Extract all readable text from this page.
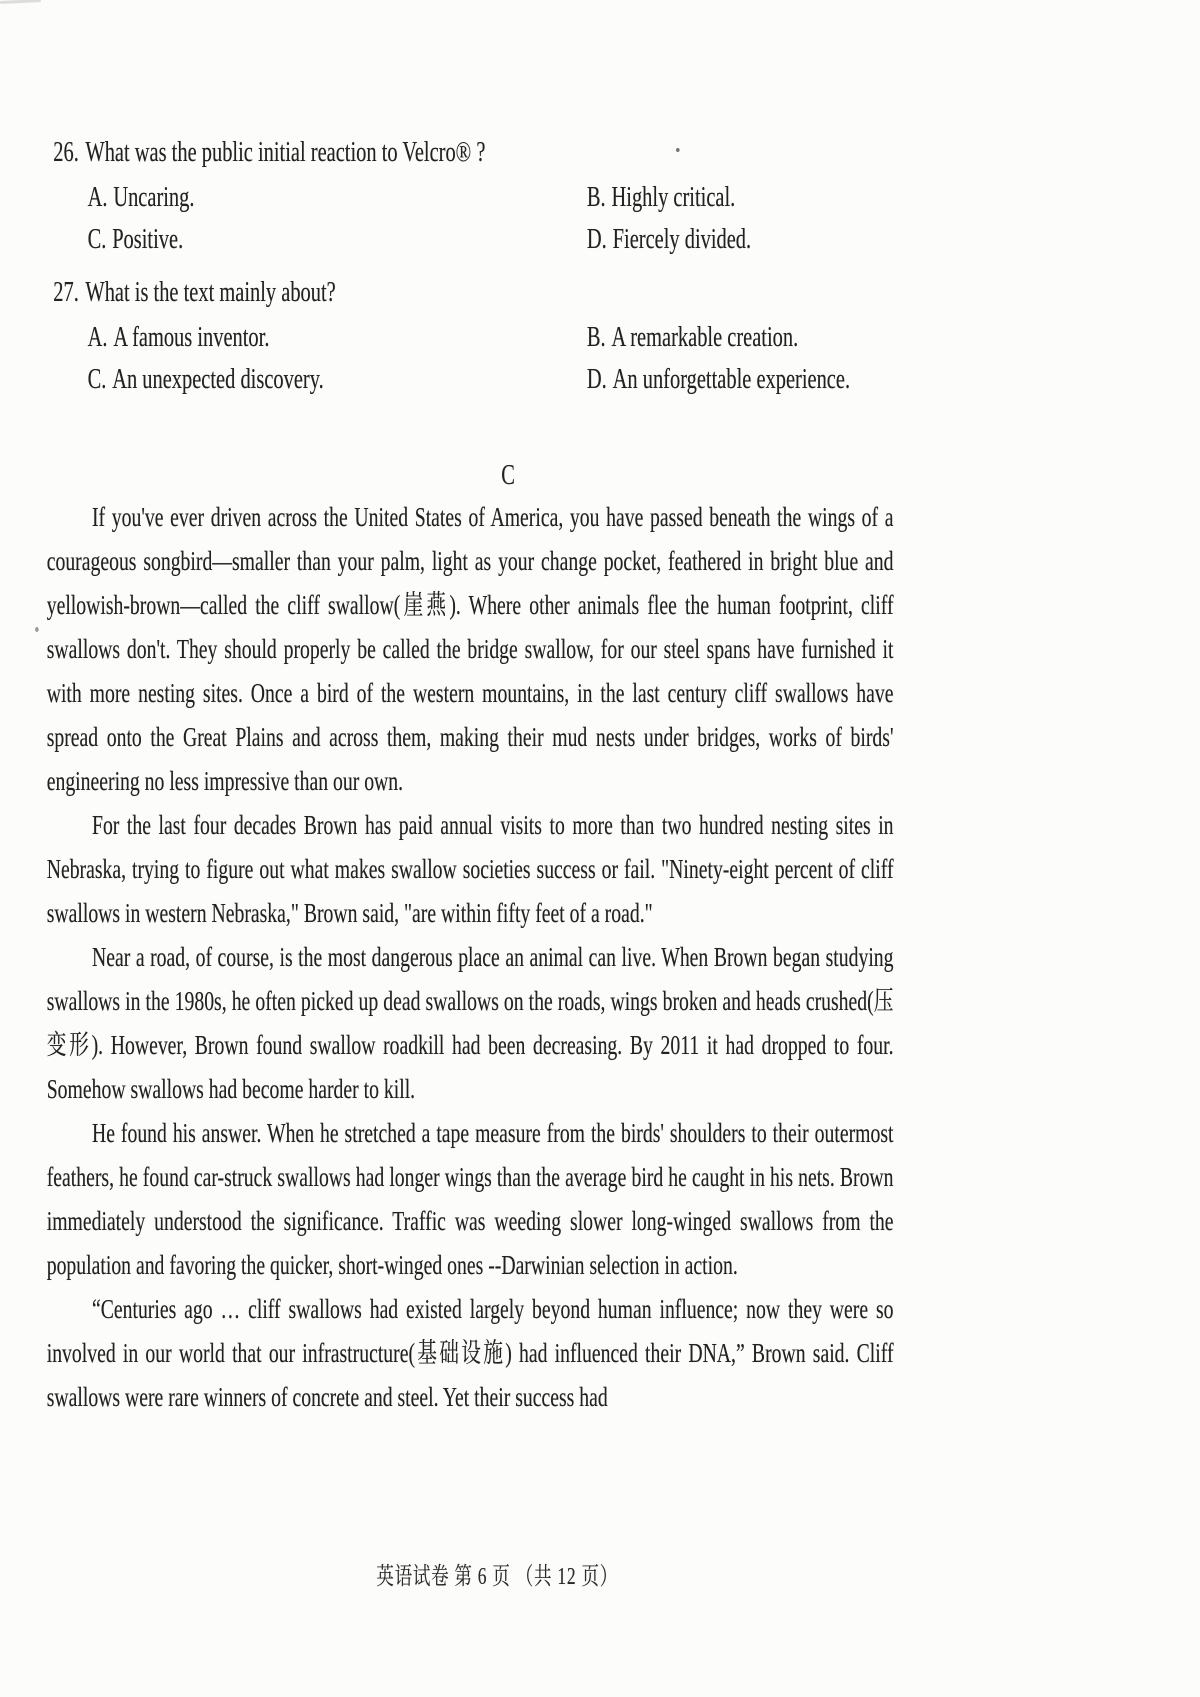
26. What was the public initial reaction to Velcro® ?
A. Uncaring.	B. Highly critical.
C. Positive.	D. Fiercely divided.
27. What is the text mainly about?
A. A famous inventor.	B. A remarkable creation.
C. An unexpected discovery.	D. An unforgettable experience.
C

If you've ever driven across the United States of America, you have passed beneath the wings of a courageous songbird—smaller than your palm, light as your change pocket, feathered in bright blue and yellowish-brown—called the cliff swallow(崖燕). Where other animals flee the human footprint, cliff swallows don't. They should properly be called the bridge swallow, for our steel spans have furnished it with more nesting sites. Once a bird of the western mountains, in the last century cliff swallows have spread onto the Great Plains and across them, making their mud nests under bridges, works of birds' engineering no less impressive than our own.

For the last four decades Brown has paid annual visits to more than two hundred nesting sites in Nebraska, trying to figure out what makes swallow societies success or fail. "Ninety-eight percent of cliff swallows in western Nebraska," Brown said, "are within fifty feet of a road."

Near a road, of course, is the most dangerous place an animal can live. When Brown began studying swallows in the 1980s, he often picked up dead swallows on the roads, wings broken and heads crushed(压变形). However, Brown found swallow roadkill had been decreasing. By 2011 it had dropped to four. Somehow swallows had become harder to kill.

He found his answer. When he stretched a tape measure from the birds' shoulders to their outermost feathers, he found car-struck swallows had longer wings than the average bird he caught in his nets. Brown immediately understood the significance. Traffic was weeding slower long-winged swallows from the population and favoring the quicker, short-winged ones --Darwinian selection in action.

“Centuries ago … cliff swallows had existed largely beyond human influence; now they were so involved in our world that our infrastructure(基础设施) had influenced their DNA,” Brown said. Cliff swallows were rare winners of concrete and steel. Yet their success had

英语试卷 第 6 页 （共 12 页）
